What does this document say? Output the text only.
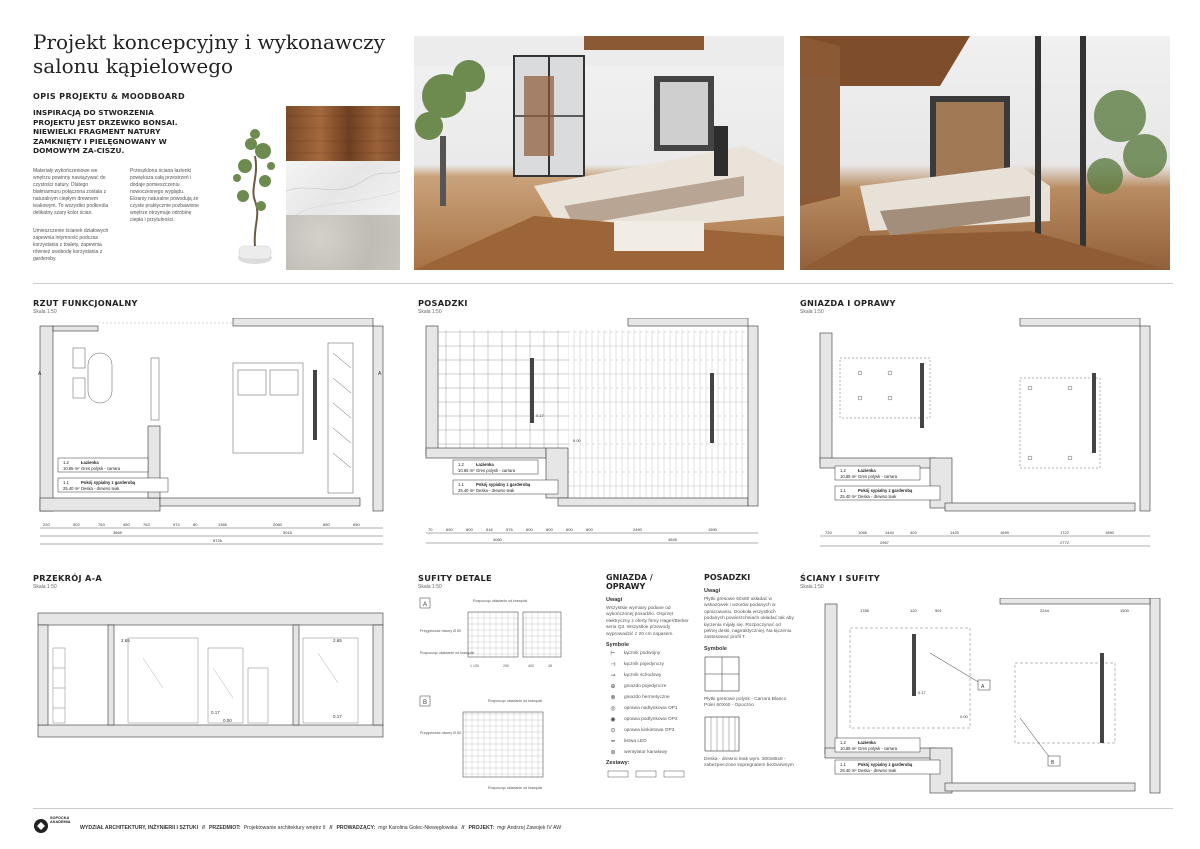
Projekt koncepcyjny i wykonawczy
salonu kąpielowego
OPIS PROJEKTU & MOODBOARD
INSPIRACJĄ DO STWORZENIA PROJEKTU JEST DRZEWKO BONSAI. NIEWIELKI FRAGMENT NATURY ZAMKNIĘTY I PIELĘGNOWANY W DOMOWYM ZA-CISZU.
Materiały wykończeniowe we wnętrzu powinny nawiązywać do czystości natury. Dlatego białmarmuru połączona została z naturalnym ciepłym drewnem teakowym. To wszystko podkreśla delikatny szary kolor ścian.
Umieszczenie ścianek działowych zapewnia intymność podczas korzystania z toalety, zapewnia również swobodę korzystania z garderoby.
Przeszklona ściana łazienki powiększa całą przestrzeń i dodaje pomieszczeniu nowoczesnego wyglądu.
Ekraniy naturalne powodują że czyste praktycznie pozbawione wnętrze otrzymuje odrobinę ciepła i przytulności.
RZUT FUNKCJONALNY
Skala 1:50
POSADZKI
Skala 1:50
GNIAZDA I OPRAWY
Skala 1:50
A	A
1.2	Łazienka
10.65 m² Gres polysk - carrara
1.1	Pokój sypialny z garderobą
25.40 m² Deska - drewno teak
220	502	763	450	763	974	80	1365	2060	650	650
3665	5015
8726
0.17
0.00
1.2	Łazienka
10.65 m² Gres polysk - carrara
1.1	Pokój sypialny z garderobą
25.40 m² Deska - drewno teak
70	690	600	516	576	600	600	600	600	2490	1590
4060	4645
1.2	Łazienka
10.65 m² Gres polysk - carrara
1.1	Pokój sypialny z garderobą
25.40 m² Deska - drewno teak
720	1065	1440	403	1420	1699	1722	1890
2967	2772
PRZEKRÓJ A-A
Skala 1:50
SUFITY DETALE
Skala 1:50
ŚCIANY I SUFITY
Skala 1:50
2.65	2.65
0.17
0.00
0.17
A
Rozpocząć układanie od krawędzi
Przygotować otwory Ø 80
Rozpocząć układanie od krawędzi
1 130	200	400	45
B	Rozpocząć układanie od krawędzi
Przygotować otwory Ø 80
Rozpocząć układanie od krawędzi
GNIAZDA / OPRAWY
Uwagi
Wszystkie wymiary podane od wykończonej posadzki. Osprzęt elektryczny z oferty firmy Hager/Berker seria Q3. Wszystkie przewody wyprowadzić z 20 cm zapasem.
Symbole
⊢	łącznik podwójny
⊣	łącznik pojedynczy
⊸	łącznik schodowy
⊕	gniazdo pojedyncze
⊗	gniazdo hermetyczne
◎	oprawa nadtynkowa OP1
◉	oprawa podtynkowa OP2
⊙	oprawa kinkietowa OP3
━	listwa LED
⊛	wentylator kanałowy
Zestawy:
POSADZKI
Uwagi
Płytki gresowe 60x60 układać w wskazówek i wzorów podanych w opracowaniu. Dookoła wszystkich podanych powierzchniach układać tak aby łączenia mijały się. Rozpoczynać od pełnej deski, najpraktyczniej. Na łączeniu zastosować profil T.
Symbole
Płytki gresowe polysk - Carrara Blanco Poler 60X60 - Opoczno
Deska - drewno teak wym. 300x85x9 - zabezpieczone impregnatem bezbarwnym
A
B
1785	120	901	2244	1500
0.17
0.00
1.2	Łazienka
10.65 m² Gres polysk - carrara
1.1	Pokój sypialny z garderobą
25.40 m² Deska - drewno teak
SOPOCKA
AKADEMIA
WYDZIAŁ ARCHITEKTURY, INŻYNIERII I SZTUKI // PRZEDMIOT: Projektowanie architektury wnętrz II // PROWADZĄCY: mgr Karolina Golec-Niewęgłowska // PROJEKT: mgr Andrzej Zawojek IV AW
